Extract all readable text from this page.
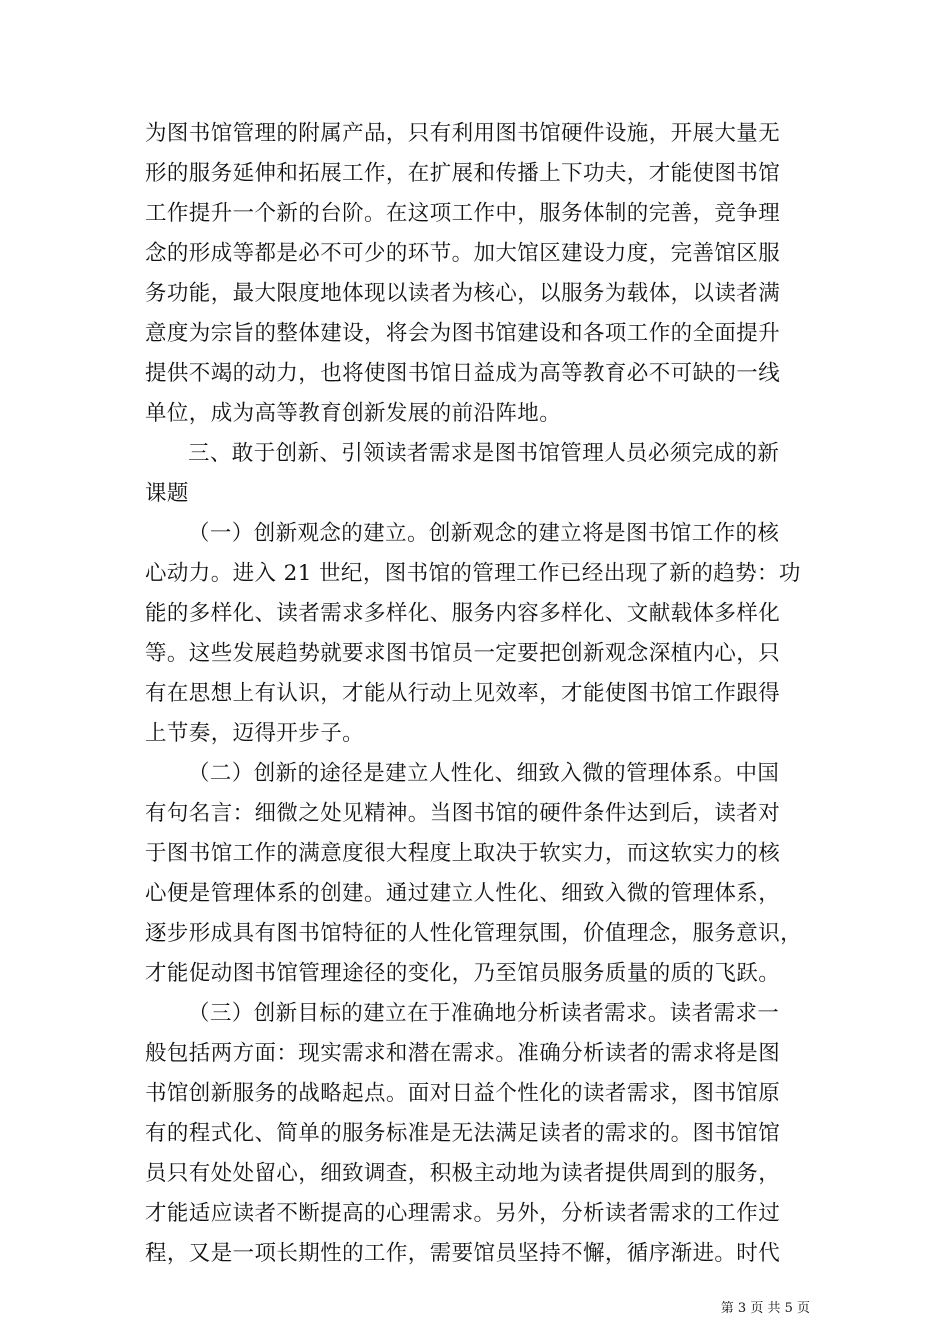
为图书馆管理的附属产品，只有利用图书馆硬件设施，开展大量无
形的服务延伸和拓展工作，在扩展和传播上下功夫，才能使图书馆
工作提升一个新的台阶。在这项工作中，服务体制的完善，竞争理
念的形成等都是必不可少的环节。加大馆区建设力度，完善馆区服
务功能，最大限度地体现以读者为核心，以服务为载体，以读者满
意度为宗旨的整体建设，将会为图书馆建设和各项工作的全面提升
提供不竭的动力，也将使图书馆日益成为高等教育必不可缺的一线
单位，成为高等教育创新发展的前沿阵地。
三、敢于创新、引领读者需求是图书馆管理人员必须完成的新
课题
（一）创新观念的建立。创新观念的建立将是图书馆工作的核
心动力。进入 21 世纪，图书馆的管理工作已经出现了新的趋势：功
能的多样化、读者需求多样化、服务内容多样化、文献载体多样化
等。这些发展趋势就要求图书馆员一定要把创新观念深植内心，只
有在思想上有认识，才能从行动上见效率，才能使图书馆工作跟得
上节奏，迈得开步子。
（二）创新的途径是建立人性化、细致入微的管理体系。中国
有句名言：细微之处见精神。当图书馆的硬件条件达到后，读者对
于图书馆工作的满意度很大程度上取决于软实力，而这软实力的核
心便是管理体系的创建。通过建立人性化、细致入微的管理体系，
逐步形成具有图书馆特征的人性化管理氛围，价值理念，服务意识，
才能促动图书馆管理途径的变化，乃至馆员服务质量的质的飞跃。
（三）创新目标的建立在于准确地分析读者需求。读者需求一
般包括两方面：现实需求和潜在需求。准确分析读者的需求将是图
书馆创新服务的战略起点。面对日益个性化的读者需求，图书馆原
有的程式化、简单的服务标准是无法满足读者的需求的。图书馆馆
员只有处处留心，细致调查，积极主动地为读者提供周到的服务，
才能适应读者不断提高的心理需求。另外，分析读者需求的工作过
程，又是一项长期性的工作，需要馆员坚持不懈，循序渐进。时代
第 3 页 共 5 页
